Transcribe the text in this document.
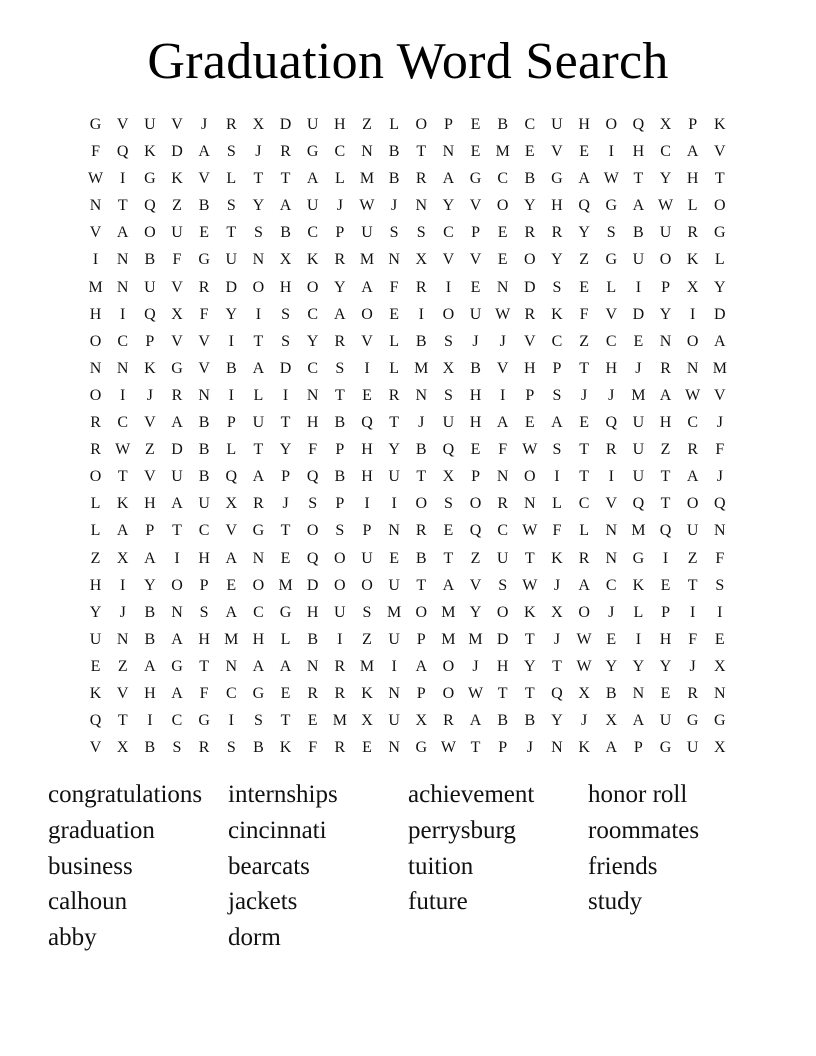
Graduation Word Search
G V U V	J	R	X D U H	Z	L	O	P	E	B	C	U H O Q X	P	K
F	Q K D A	S	J	R	G	C	N	B	T	N	E M E	V	E	I	H	C	A V
W	I	G K V	L	T	T	A	L M B	R	A G	C	B	G A W T	Y H	T
N	T	Q	Z	B	S	Y A U	J	W	J	N Y V O Y H Q G A W L	O
V A O U	E	T	S	B	C	P	U	S	S	C	P	E	R	R	Y	S	B	U	R	G
I	N	B	F	G U N X K	R M N X V V	E	O Y	Z	G U O K	L
M N U V	R	D O H O Y A	F	R	I	E	N D	S	E	L	I	P	X Y
H	I	Q X	F	Y	I	S	C	A O	E	I	O U W R	K	F	V D Y	I	D
O	C	P	V V	I	T	S	Y	R	V	L	B	S	J	J	V	C	Z	C	E	N O A
N N K G V	B	A D	C	S	I	L M X	B	V H	P	T	H	J	R	N M
O	I	J	R	N	I	L	I	N	T	E	R	N	S	H	I	P	S	J	J	M A W V
R	C	V A	B	P	U	T	H	B	Q	T	J	U H A	E	A	E	Q U H	C	J
R W Z	D	B	L	T	Y	F	P	H Y	B	Q	E	F W S	T	R	U	Z	R	F
O	T	V U	B	Q A	P	Q	B	H U	T	X	P	N O	I	T	I	U	T	A	J
L	K H A U X	R	J	S	P	I	I	O	S	O	R	N	L	C	V Q	T	O Q
L	A	P	T	C	V G	T	O	S	P	N	R	E	Q	C W F	L	N M Q U N
Z	X A	I	H A N	E	Q O U	E	B	T	Z	U	T	K	R	N G	I	Z	F
H	I	Y O	P	E	O M D O O U	T	A V	S W	J	A	C	K	E	T	S
Y	J	B	N	S	A	C	G H U	S M O M Y O K X O	J	L	P	I	I
U N	B	A H M H	L	B	I	Z	U	P M M D	T	J	W E	I	H	F	E
E	Z	A G	T	N A A N	R M	I	A O	J	H Y	T W Y Y Y	J	X
K V H A	F	C	G	E	R	R	K N	P	O W T	T	Q X	B	N	E	R	N
Q	T	I	C	G	I	S	T	E M X U X	R	A	B	B	Y	J	X A U G G
V X	B	S	R	S	B	K	F	R	E	N G W T	P	J	N K A	P	G U X
congratulations
graduation
business
calhoun
abby
internships
cincinnati
bearcats
jackets
dorm
achievement
perrysburg
tuition
future
honor roll
roommates
friends
study
